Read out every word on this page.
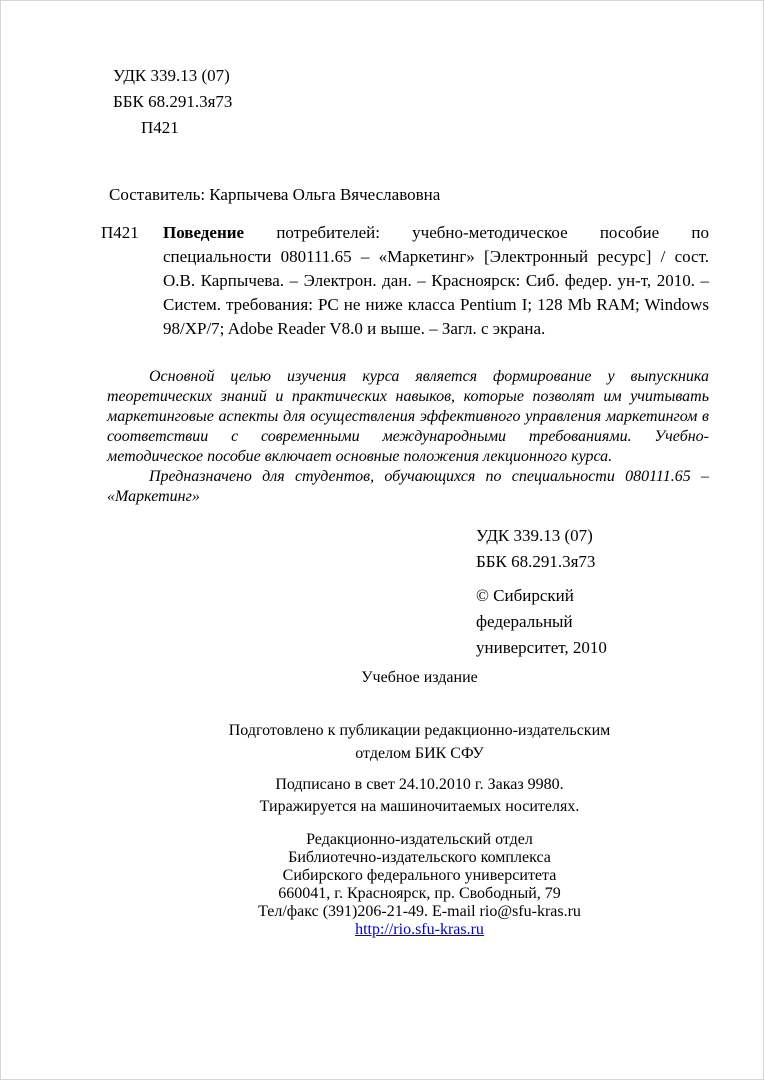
УДК 339.13 (07)
ББК 68.291.3я73
П421
Составитель: Карпычева Ольга Вячеславовна
П421 Поведение потребителей: учебно-методическое пособие по специальности 080111.65 – «Маркетинг» [Электронный ресурс] / сост. О.В. Карпычева. – Электрон. дан. – Красноярск: Сиб. федер. ун-т, 2010. – Систем. требования: PC не ниже класса Pentium I; 128 Mb RAM; Windows 98/XP/7; Adobe Reader V8.0 и выше. – Загл. с экрана.

Основной целью изучения курса является формирование у выпускника теоретических знаний и практических навыков, которые позволят им учитывать маркетинговые аспекты для осуществления эффективного управления маркетингом в соответствии с современными международными требованиями. Учебно-методическое пособие включает основные положения лекционного курса.

Предназначено для студентов, обучающихся по специальности 080111.65 – «Маркетинг»

УДК 339.13 (07)
ББК 68.291.3я73
© Сибирский
федеральный
университет, 2010
Учебное издание
Подготовлено к публикации редакционно-издательским
отделом БИК СФУ
Подписано в свет 24.10.2010 г. Заказ 9980.
Тиражируется на машиночитаемых носителях.
Редакционно-издательский отдел
Библиотечно-издательского комплекса
Сибирского федерального университета
660041, г. Красноярск, пр. Свободный, 79
Тел/факс (391)206-21-49. E-mail rio@sfu-kras.ru
http://rio.sfu-kras.ru
